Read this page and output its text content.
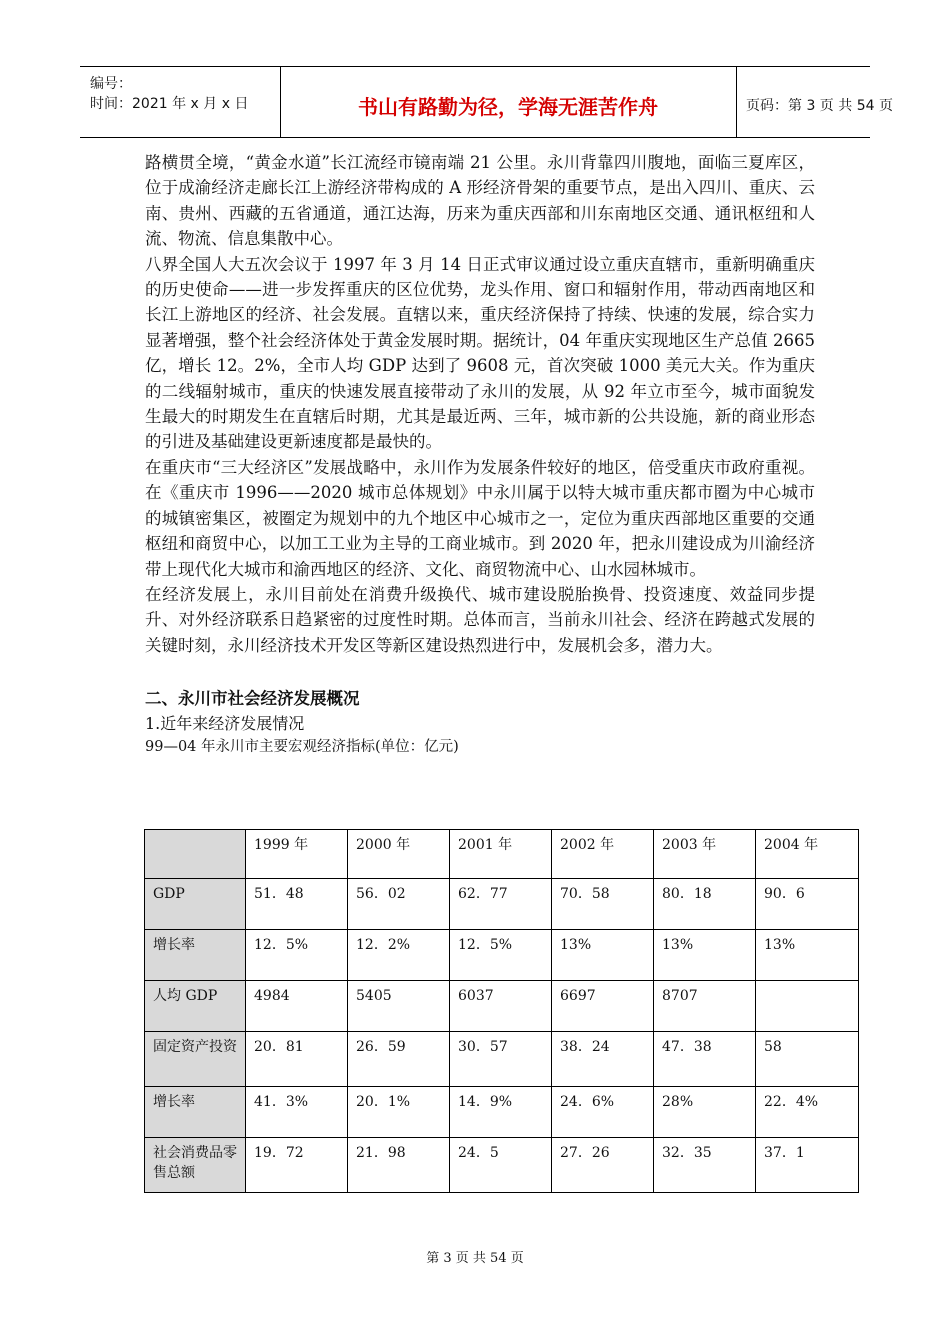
编号：
时间：2021 年 x 月 x 日	书山有路勤为径，学海无涯苦作舟	页码：第 3 页 共 54 页

路横贯全境，“黄金水道”长江流经市镜南端 21 公里。永川背靠四川腹地，面临三夏库区，位于成渝经济走廊长江上游经济带构成的 A 形经济骨架的重要节点，是出入四川、重庆、云南、贵州、西藏的五省通道，通江达海，历来为重庆西部和川东南地区交通、通讯枢纽和人流、物流、信息集散中心。

八界全国人大五次会议于 1997 年 3 月 14 日正式审议通过设立重庆直辖市，重新明确重庆的历史使命——进一步发挥重庆的区位优势，龙头作用、窗口和辐射作用，带动西南地区和长江上游地区的经济、社会发展。直辖以来，重庆经济保持了持续、快速的发展，综合实力显著增强，整个社会经济体处于黄金发展时期。据统计，04 年重庆实现地区生产总值 2665 亿，增长 12。2%，全市人均 GDP 达到了 9608 元，首次突破 1000 美元大关。作为重庆的二线辐射城市，重庆的快速发展直接带动了永川的发展，从 92 年立市至今，城市面貌发生最大的时期发生在直辖后时期，尤其是最近两、三年，城市新的公共设施，新的商业形态的引进及基础建设更新速度都是最快的。

在重庆市“三大经济区”发展战略中，永川作为发展条件较好的地区，倍受重庆市政府重视。在《重庆市 1996——2020 城市总体规划》中永川属于以特大城市重庆都市圈为中心城市的城镇密集区，被圈定为规划中的九个地区中心城市之一，定位为重庆西部地区重要的交通枢纽和商贸中心，以加工工业为主导的工商业城市。到 2020 年，把永川建设成为川渝经济带上现代化大城市和渝西地区的经济、文化、商贸物流中心、山水园林城市。

在经济发展上，永川目前处在消费升级换代、城市建设脱胎换骨、投资速度、效益同步提升、对外经济联系日趋紧密的过度性时期。总体而言，当前永川社会、经济在跨越式发展的关键时刻，永川经济技术开发区等新区建设热烈进行中，发展机会多，潜力大。

二、永川市社会经济发展概况
1.近年来经济发展情况
99—04 年永川市主要宏观经济指标(单位：亿元)
	1999 年	2000 年	2001 年	2002 年	2003 年	2004 年
GDP	51．48	56．02	62．77	70．58	80．18	90．6
增长率	12．5%	12．2%	12．5%	13%	13%	13%
人均 GDP	4984	5405	6037	6697	8707	
固定资产投资	20．81	26．59	30．57	38．24	47．38	58
增长率	41．3%	20．1%	14．9%	24．6%	28%	22．4%
社会消费品零售总额	19．72	21．98	24．5	27．26	32．35	37．1
第 3 页 共 54 页
